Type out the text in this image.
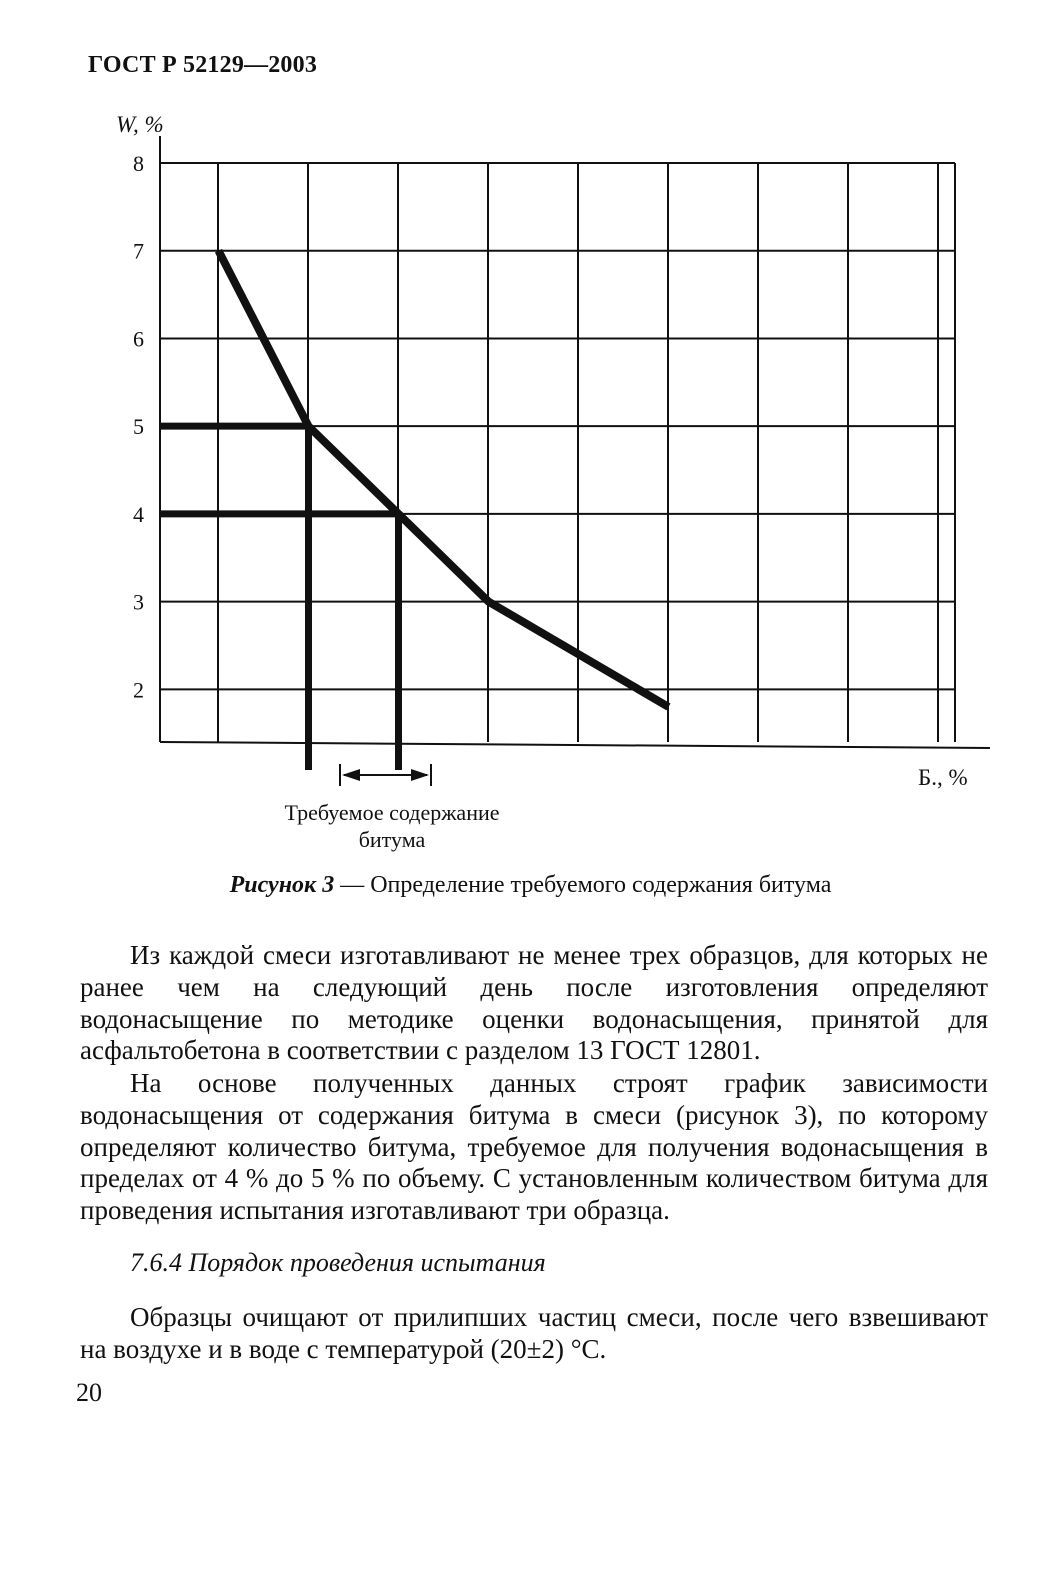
ГОСТ Р 52129—2003
2
3
4
5
6
7
8
W, %
Б., %
Требуемое содержание
битума
Рисунок 3 — Определение требуемого содержания битума

Из каждой смеси изготавливают не менее трех образцов, для которых не ранее чем на следующий день после изготовления определяют водонасыщение по методике оценки водонасыщения, принятой для асфальтобетона в соответствии с разделом 13 ГОСТ 12801.

На основе полученных данных строят график зависимости водонасыщения от содержания битума в смеси (рисунок 3), по которому определяют количество битума, требуемое для получения водонасыщения в пределах от 4 % до 5 % по объему. С установленным количеством битума для проведения испытания изготавливают три образца.

7.6.4 Порядок проведения испытания

Образцы очищают от прилипших частиц смеси, после чего взвешивают на воздухе и в воде с температурой (20±2) °С.

20
